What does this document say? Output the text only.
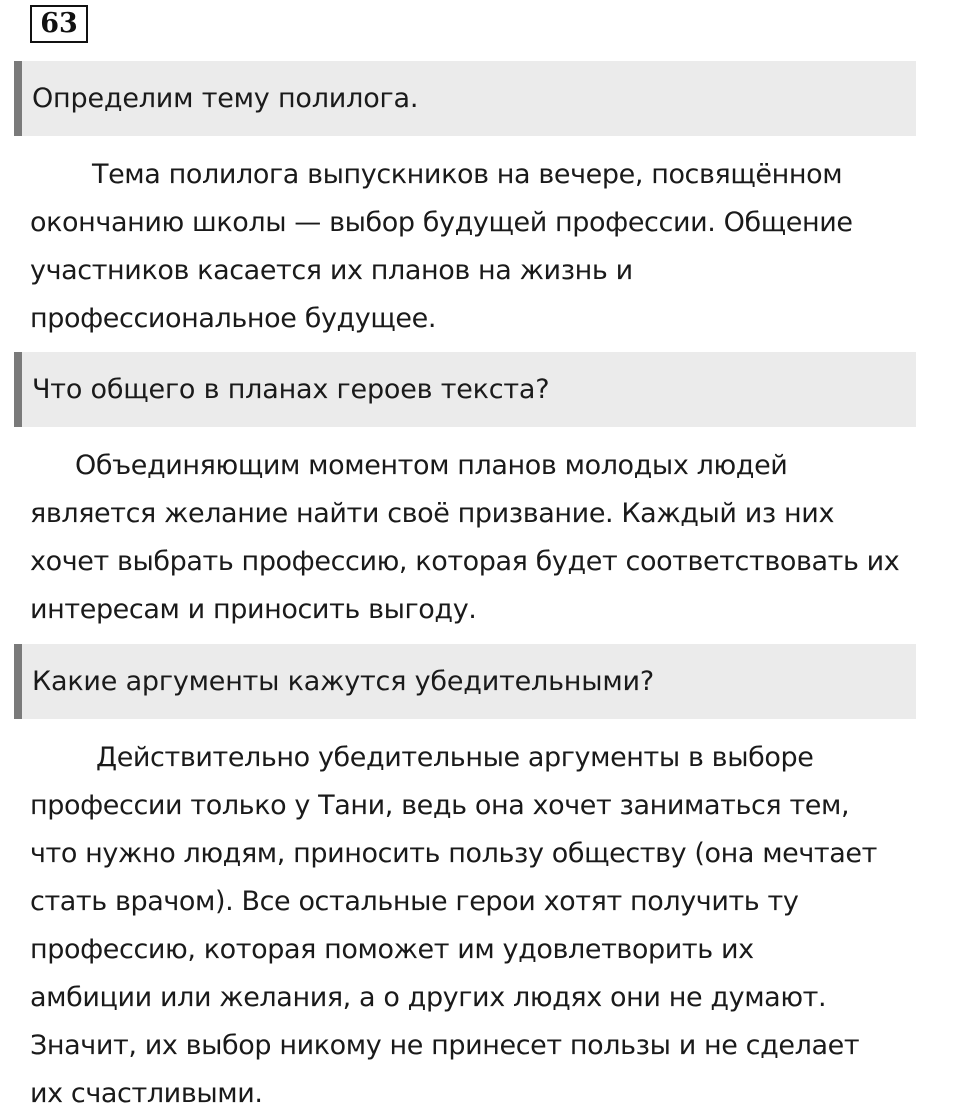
63
Определим тему полилога.
Тема полилога выпускников на вечере, посвящённом
окончанию школы — выбор будущей профессии. Общение
участников касается их планов на жизнь и
профессиональное будущее.
Что общего в планах героев текста?
Объединяющим моментом планов молодых людей
является желание найти своё призвание. Каждый из них
хочет выбрать профессию, которая будет соответствовать их
интересам и приносить выгоду.
Какие аргументы кажутся убедительными?
Действительно убедительные аргументы в выборе
профессии только у Тани, ведь она хочет заниматься тем,
что нужно людям, приносить пользу обществу (она мечтает
стать врачом). Все остальные герои хотят получить ту
профессию, которая поможет им удовлетворить их
амбиции или желания, а о других людях они не думают.
Значит, их выбор никому не принесет пользы и не сделает
их счастливыми.
